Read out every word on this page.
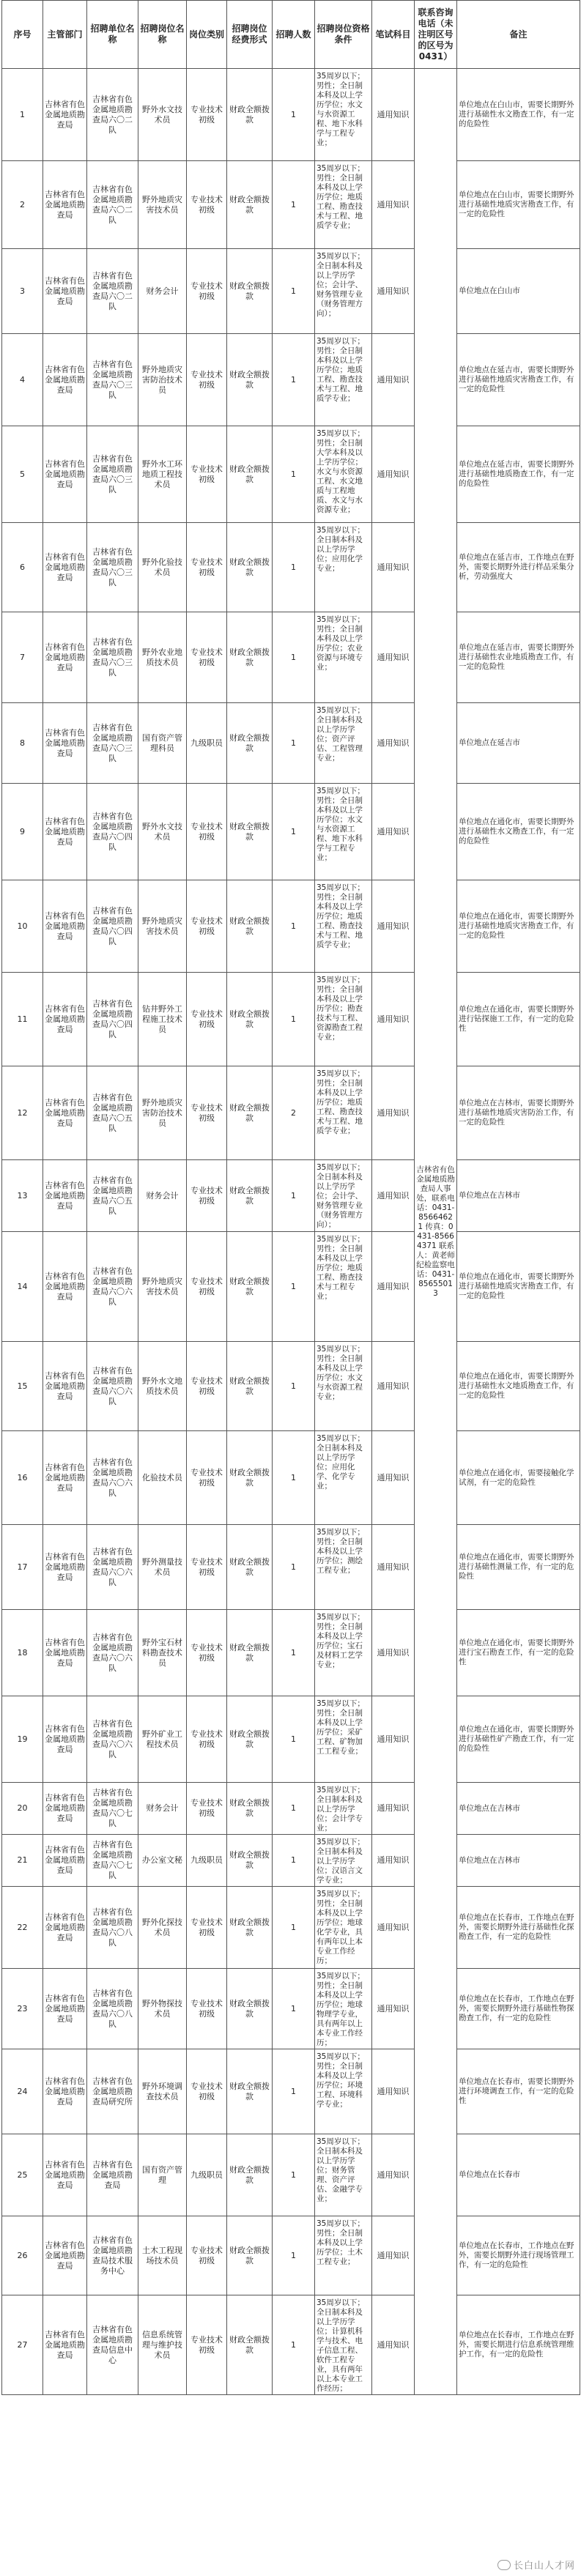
序号	主管部门	招聘单位名称	招聘岗位名称	岗位类别	招聘岗位经费形式	招聘人数	招聘岗位资格条件	笔试科目	联系咨询电话（未注明区号的区号为0431）	备注
1	吉林省有色金属地质勘查局	吉林省有色金属地质勘查局六〇二队	野外水文技术员	专业技术初级	财政全额拨款	1	35周岁以下；男性；全日制本科及以上学历学位；水文与水资源工程、地下水科学与工程专业；	通用知识	吉林省有色金属地质勘查局人事处，联系电话：0431-85664621 传真：0431-85664371 联系人：黄老师 纪检监察电话：0431-85655013	单位地点在白山市，需要长期野外进行基础性水文勘查工作，有一定的危险性
2	吉林省有色金属地质勘查局	吉林省有色金属地质勘查局六〇二队	野外地质灾害技术员	专业技术初级	财政全额拨款	1	35周岁以下；男性；全日制本科及以上学历学位；地质工程、勘查技术与工程、地质学专业；	通用知识		单位地点在白山市，需要长期野外进行基础性地质灾害勘查工作，有一定的危险性
3	吉林省有色金属地质勘查局	吉林省有色金属地质勘查局六〇二队	财务会计	专业技术初级	财政全额拨款	1	35周岁以下；全日制本科及以上学历学位；会计学、财务管理专业（财务管理方向）；	通用知识		单位地点在白山市
4	吉林省有色金属地质勘查局	吉林省有色金属地质勘查局六〇三队	野外地质灾害防治技术员	专业技术初级	财政全额拨款	1	35周岁以下；男性；全日制本科及以上学历学位；地质工程、勘查技术与工程、地质学专业；	通用知识		单位地点在延吉市，需要长期野外进行基础性地质灾害勘查工作，有一定的危险性
5	吉林省有色金属地质勘查局	吉林省有色金属地质勘查局六〇三队	野外水工环地质工程技术员	专业技术初级	财政全额拨款	1	35周岁以下；男性；全日制大学本科及以上学历学位；水文与水资源工程、水文地质与工程地质、水文与水资源专业；	通用知识		单位地点在延吉市，需要长期野外进行基础性地质勘查工作，有一定的危险性
6	吉林省有色金属地质勘查局	吉林省有色金属地质勘查局六〇三队	野外化验技术员	专业技术初级	财政全额拨款	1	35周岁以下；全日制本科及以上学历学位；应用化学专业；	通用知识		单位地点在延吉市，工作地点在野外，需要长期野外进行样品采集分析，劳动强度大
7	吉林省有色金属地质勘查局	吉林省有色金属地质勘查局六〇三队	野外农业地质技术员	专业技术初级	财政全额拨款	1	35周岁以下；男性；全日制本科及以上学历学位；农业资源与环境专业；	通用知识		单位地点在延吉市，需要长期野外进行基础性农业地质勘查工作，有一定的危险性
8	吉林省有色金属地质勘查局	吉林省有色金属地质勘查局六〇三队	国有资产管理科员	九级职员	财政全额拨款	1	35周岁以下；全日制本科及以上学历学位；资产评估、工程管理专业；	通用知识		单位地点在延吉市
9	吉林省有色金属地质勘查局	吉林省有色金属地质勘查局六〇四队	野外水文技术员	专业技术初级	财政全额拨款	1	35周岁以下；男性；全日制本科及以上学历学位；水文与水资源工程、地下水科学与工程专业；	通用知识		单位地点在通化市，需要长期野外进行基础性水文勘查工作，有一定的危险性
10	吉林省有色金属地质勘查局	吉林省有色金属地质勘查局六〇四队	野外地质灾害技术员	专业技术初级	财政全额拨款	1	35周岁以下；男性；全日制本科及以上学历学位；地质工程、勘查技术与工程、地质学专业；	通用知识		单位地点在通化市，需要长期野外进行基础性地质灾害勘查工作，有一定的危险性
11	吉林省有色金属地质勘查局	吉林省有色金属地质勘查局六〇四队	钻井野外工程施工技术员	专业技术初级	财政全额拨款	1	35周岁以下；男性；全日制本科及以上学历学位；勘查技术与工程、资源勘查工程专业；	通用知识		单位地点在通化市，需要长期野外进行钻探施工工作，有一定的危险性
12	吉林省有色金属地质勘查局	吉林省有色金属地质勘查局六〇五队	野外地质灾害防治技术员	专业技术初级	财政全额拨款	2	35周岁以下；男性；全日制本科及以上学历学位；地质工程、勘查技术与工程、地质学专业；	通用知识		单位地点在吉林市，需要长期野外进行基础性地质灾害防治工作，有一定的危险性
13	吉林省有色金属地质勘查局	吉林省有色金属地质勘查局六〇五队	财务会计	专业技术初级	财政全额拨款	1	35周岁以下；全日制本科及以上学历学位；会计学、财务管理专业（财务管理方向）；	通用知识		单位地点在吉林市
14	吉林省有色金属地质勘查局	吉林省有色金属地质勘查局六〇六队	野外地质灾害技术员	专业技术初级	财政全额拨款	1	35周岁以下；男性；全日制本科及以上学历学位；地质工程、勘查技术与工程专业；	通用知识		单位地点在通化市，需要长期野外进行基础性地质灾害勘查工作，有一定的危险性
15	吉林省有色金属地质勘查局	吉林省有色金属地质勘查局六〇六队	野外水文地质技术员	专业技术初级	财政全额拨款	1	35周岁以下；男性；全日制本科及以上学历学位；水文与水资源工程专业；	通用知识		单位地点在通化市，需要长期野外进行基础性水文地质勘查工作，有一定的危险性
16	吉林省有色金属地质勘查局	吉林省有色金属地质勘查局六〇六队	化验技术员	专业技术初级	财政全额拨款	1	35周岁以下；全日制本科及以上学历学位；应用化学、化学专业；	通用知识		单位地点在通化市，需要接触化学试剂，有一定的危险性
17	吉林省有色金属地质勘查局	吉林省有色金属地质勘查局六〇六队	野外测量技术员	专业技术初级	财政全额拨款	1	35周岁以下；男性；全日制本科及以上学历学位；测绘工程专业；	通用知识		单位地点在通化市，需要长期野外进行基础性测量工作，有一定的危险性
18	吉林省有色金属地质勘查局	吉林省有色金属地质勘查局六〇六队	野外宝石材料勘查技术员	专业技术初级	财政全额拨款	1	35周岁以下；男性；全日制本科及以上学历学位；宝石及材料工艺学专业；	通用知识		单位地点在通化市，需要长期野外进行宝石勘查工作，有一定的危险性
19	吉林省有色金属地质勘查局	吉林省有色金属地质勘查局六〇六队	野外矿业工程技术员	专业技术初级	财政全额拨款	1	35周岁以下；男性；全日制本科及以上学历学位；采矿工程、矿物加工工程专业；	通用知识		单位地点在通化市，需要长期野外进行基础性矿产勘查工作，有一定的危险性
20	吉林省有色金属地质勘查局	吉林省有色金属地质勘查局六〇七队	财务会计	专业技术初级	财政全额拨款	1	35周岁以下；全日制本科及以上学历学位；会计学专业；	通用知识		单位地点在吉林市
21	吉林省有色金属地质勘查局	吉林省有色金属地质勘查局六〇七队	办公室文秘	九级职员	财政全额拨款	1	35周岁以下；全日制本科及以上学历学位；汉语言文学专业；	通用知识		单位地点在吉林市
22	吉林省有色金属地质勘查局	吉林省有色金属地质勘查局六〇八队	野外化探技术员	专业技术初级	财政全额拨款	1	35周岁以下；男性；全日制本科及以上学历学位；地球化学专业，具有两年以上本专业工作经历；	通用知识		单位地点在长春市，工作地点在野外，需要长期野外进行基础性化探勘查工作，有一定的危险性
23	吉林省有色金属地质勘查局	吉林省有色金属地质勘查局六〇八队	野外物探技术员	专业技术初级	财政全额拨款	1	35周岁以下；男性；全日制本科及以上学历学位；地球物理学专业，具有两年以上本专业工作经历；	通用知识		单位地点在长春市，工作地点在野外，需要长期野外进行基础性物探勘查工作，有一定的危险性
24	吉林省有色金属地质勘查局	吉林省有色金属地质勘查局研究所	野外环境调查技术员	专业技术初级	财政全额拨款	1	35周岁以下；男性；全日制本科及以上学历学位；环境工程、环境科学专业；	通用知识		单位地点在长春市，需要长期野外进行环境调查工作，有一定的危险性
25	吉林省有色金属地质勘查局	吉林省有色金属地质勘查局	国有资产管理	九级职员	财政全额拨款	1	35周岁以下；全日制本科及以上学历学位；财务管理、资产评估、金融学专业；	通用知识		单位地点在长春市
26	吉林省有色金属地质勘查局	吉林省有色金属地质勘查局技术服务中心	土木工程现场技术员	专业技术初级	财政全额拨款	1	35周岁以下；男性；全日制本科及以上学历学位；土木工程专业；	通用知识		单位地点在长春市，工作地点在野外，需要长期野外进行现场管理工作，有一定的危险性
27	吉林省有色金属地质勘查局	吉林省有色金属地质勘查局信息中心	信息系统管理与维护技术员	专业技术初级	财政全额拨款	1	35周岁以下；全日制本科及以上学历学位；计算机科学与技术、电子信息工程、软件工程专业，具有两年以上本专业工作经历；	通用知识		单位地点在长春市，工作地点在野外，需要长期进行信息系统管理维护工作，有一定的危险性
长白山人才网
